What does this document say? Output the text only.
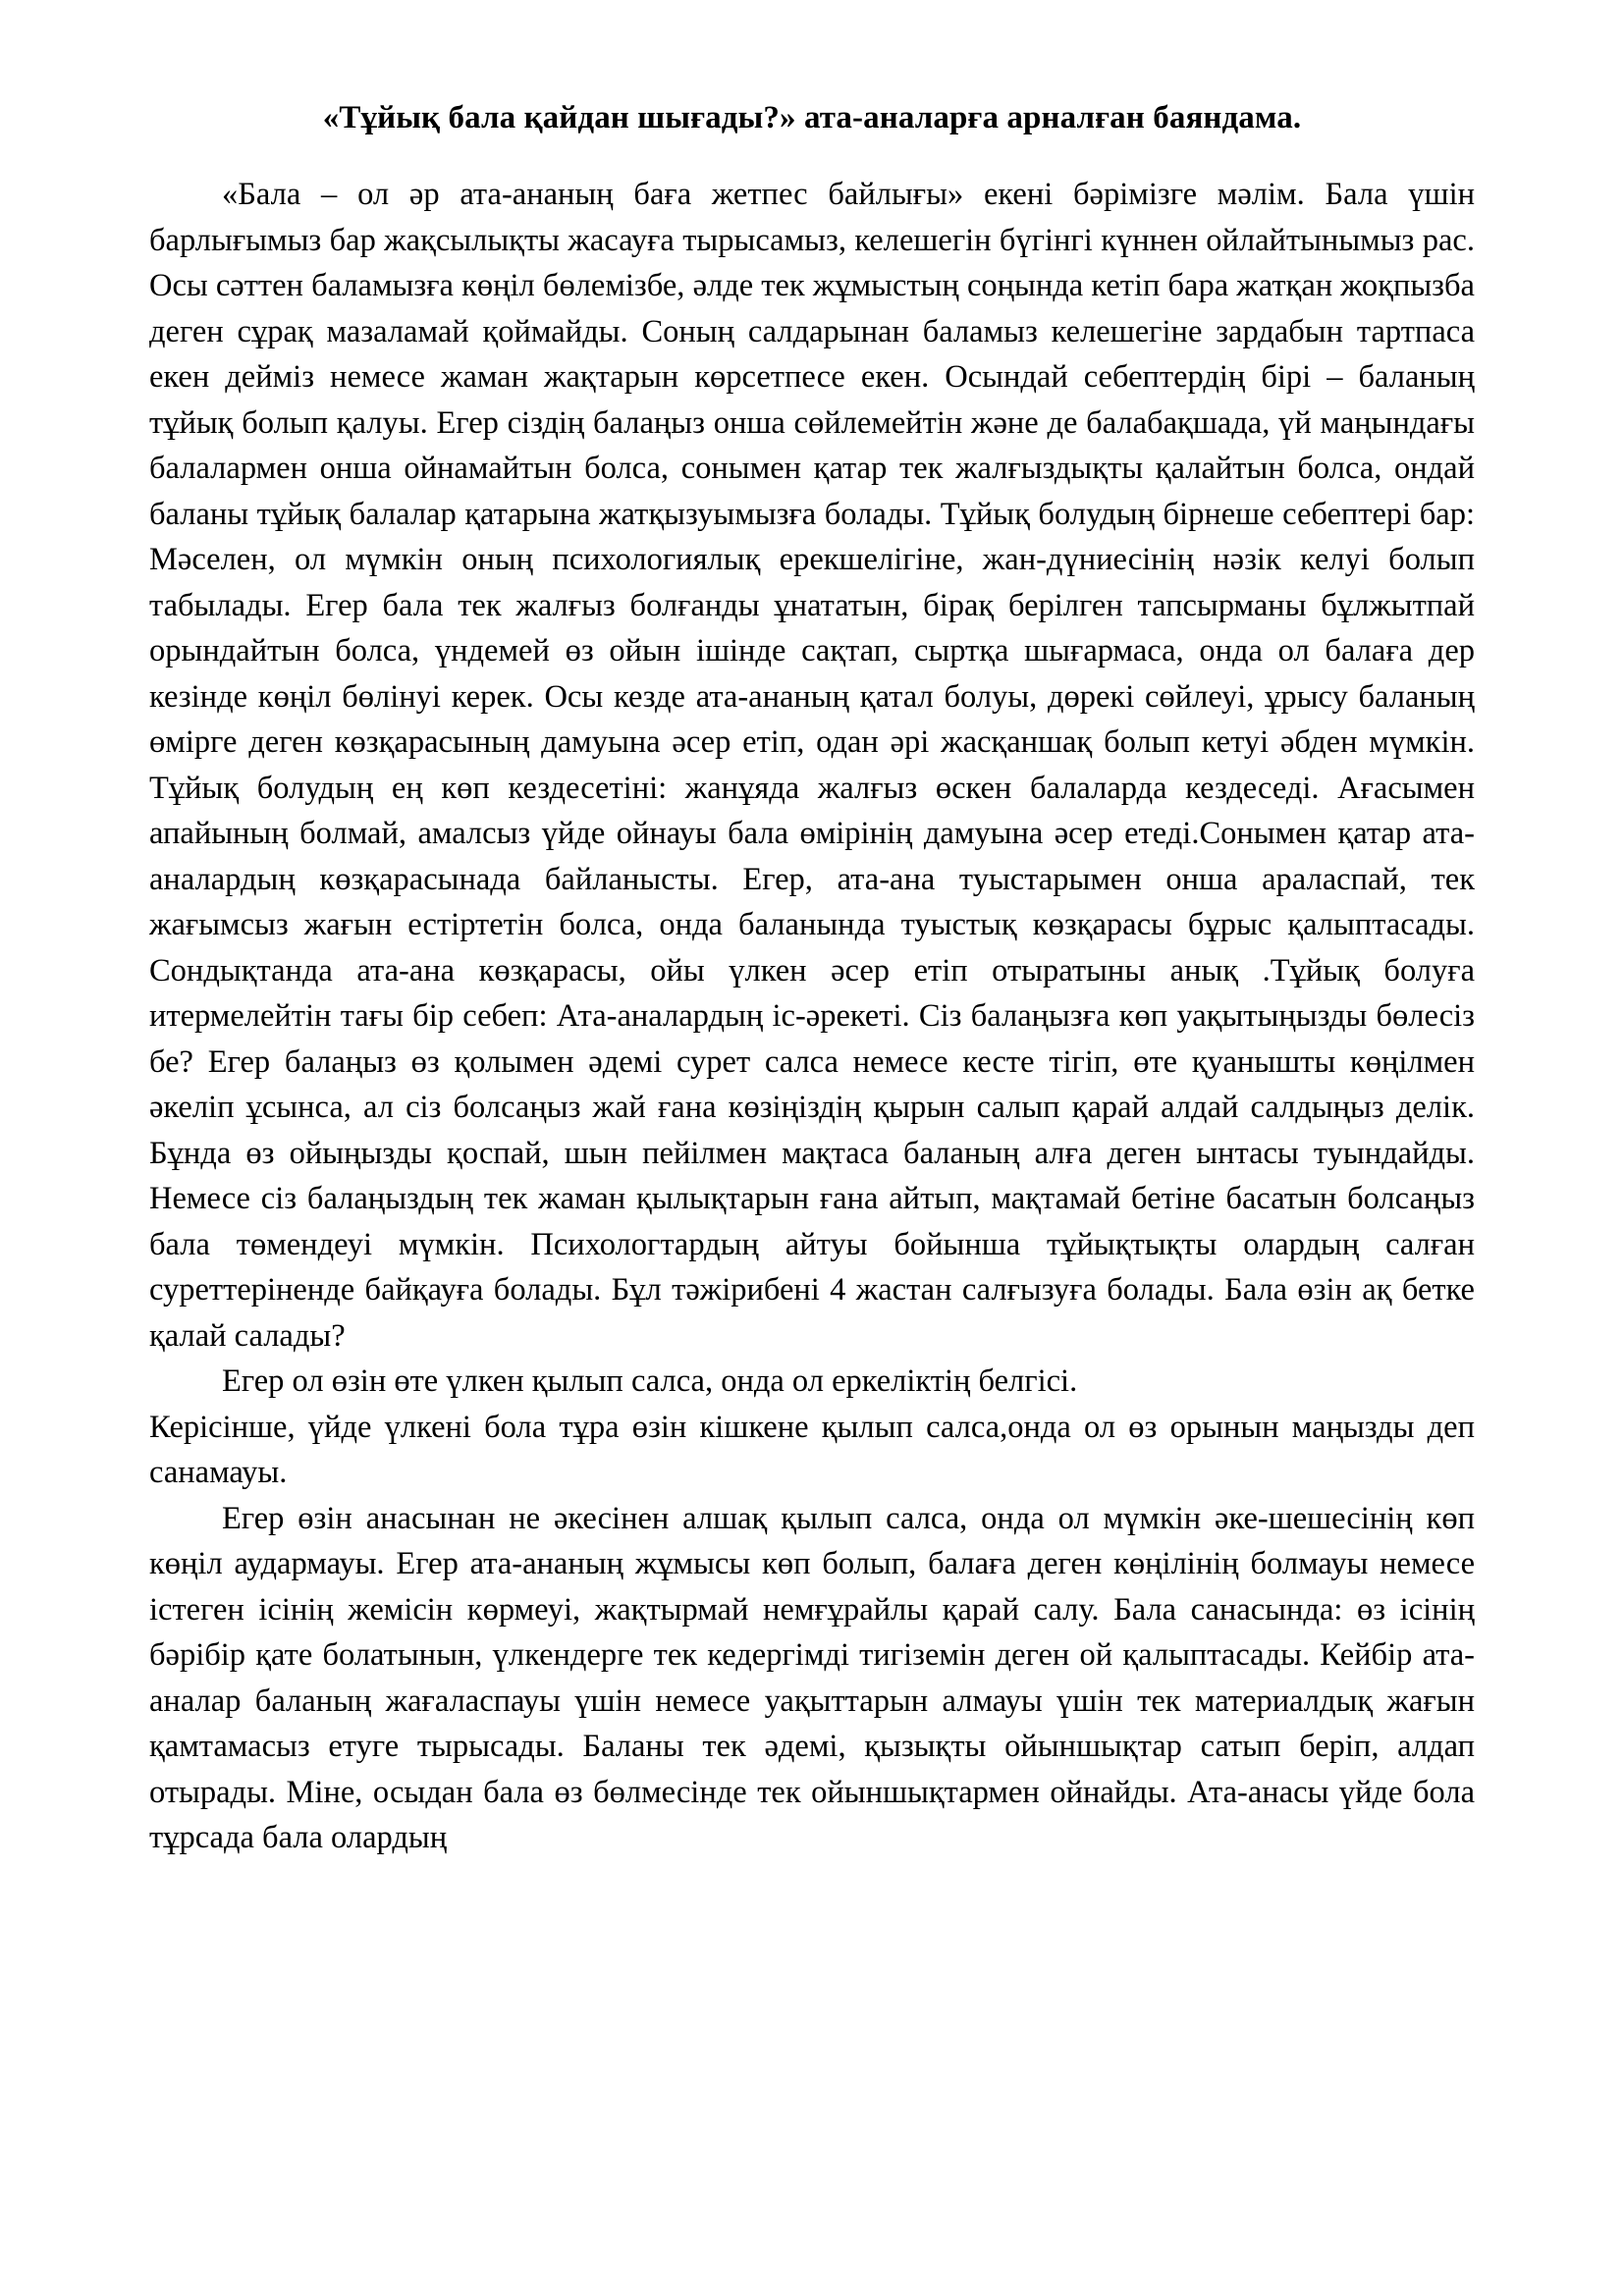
«Тұйық бала қайдан шығады?» ата-аналарға арналған баяндама.

«Бала – ол әр ата-ананың баға жетпес байлығы» екені бәрімізге мәлім. Бала үшін барлығымыз бар жақсылықты жасауға тырысамыз, келешегін бүгінгі күннен ойлайтынымыз рас. Осы сәттен баламызға көңіл бөлемізбе, әлде тек жұмыстың соңында кетіп бара жатқан жоқпызба деген сұрақ мазаламай қоймайды. Соның салдарынан баламыз келешегіне зардабын тартпаса екен дейміз немесе жаман жақтарын көрсетпесе екен. Осындай себептердің бірі – баланың тұйық болып қалуы. Егер сіздің балаңыз онша сөйлемейтін және де балабақшада, үй маңындағы балалармен онша ойнамайтын болса, сонымен қатар тек жалғыздықты қалайтын болса, ондай баланы тұйық балалар қатарына жатқызуымызға болады. Тұйық болудың бірнеше себептері бар: Мәселен, ол мүмкін оның психологиялық ерекшелігіне, жан-дүниесінің нәзік келуі болып табылады. Егер бала тек жалғыз болғанды ұнататын, бірақ берілген тапсырманы бұлжытпай орындайтын болса, үндемей өз ойын ішінде сақтап, сыртқа шығармаса, онда ол балаға дер кезінде көңіл бөлінуі керек. Осы кезде ата-ананың қатал болуы, дөрекі сөйлеуі, ұрысу баланың өмірге деген көзқарасының дамуына әсер етіп, одан әрі жасқаншақ болып кетуі әбден мүмкін. Тұйық болудың ең көп кездесетіні: жанұяда жалғыз өскен балаларда кездеседі. Ағасымен апайының болмай, амалсыз үйде ойнауы бала өмірінің дамуына әсер етеді.Сонымен қатар ата-аналардың көзқарасынада байланысты. Егер, ата-ана туыстарымен онша араласпай, тек жағымсыз жағын естіртетін болса, онда баланында туыстық көзқарасы бұрыс қалыптасады. Сондықтанда ата-ана көзқарасы, ойы үлкен әсер етіп отыратыны анық .Тұйық болуға итермелейтін тағы бір себеп: Ата-аналардың іс-әрекеті. Сіз балаңызға көп уақытыңызды бөлесіз бе? Егер балаңыз өз қолымен әдемі сурет салса немесе кесте тігіп, өте қуанышты көңілмен әкеліп ұсынса, ал сіз болсаңыз жай ғана көзіңіздің қырын салып қарай алдай салдыңыз делік. Бұнда өз ойыңызды қоспай, шын пейілмен мақтаса баланың алға деген ынтасы туындайды. Немесе сіз балаңыздың тек жаман қылықтарын ғана айтып, мақтамай бетіне басатын болсаңыз бала төмендеуі мүмкін. Психологтардың айтуы бойынша тұйықтықты олардың салған суреттеріненде байқауға болады. Бұл тәжірибені 4 жастан салғызуға болады. Бала өзін ақ бетке қалай салады?

Егер ол өзін өте үлкен қылып салса, онда ол еркеліктің белгісі.

Керісінше, үйде үлкені бола тұра өзін кішкене қылып салса,онда ол өз орынын маңызды деп санамауы.

Егер өзін анасынан не әкесінен алшақ қылып салса, онда ол мүмкін әке-шешесінің көп көңіл аудармауы. Егер ата-ананың жұмысы көп болып, балаға деген көңілінің болмауы немесе істеген ісінің жемісін көрмеуі, жақтырмай немғұрайлы қарай салу. Бала санасында: өз ісінің бәрібір қате болатынын, үлкендерге тек кедергімді тигіземін деген ой қалыптасады. Кейбір ата-аналар баланың жағаласпауы үшін немесе уақыттарын алмауы үшін тек материалдық жағын қамтамасыз етуге тырысады. Баланы тек әдемі, қызықты ойыншықтар сатып беріп, алдап отырады. Міне, осыдан бала өз бөлмесінде тек ойыншықтармен ойнайды. Ата-анасы үйде бола тұрсада бала олардың
